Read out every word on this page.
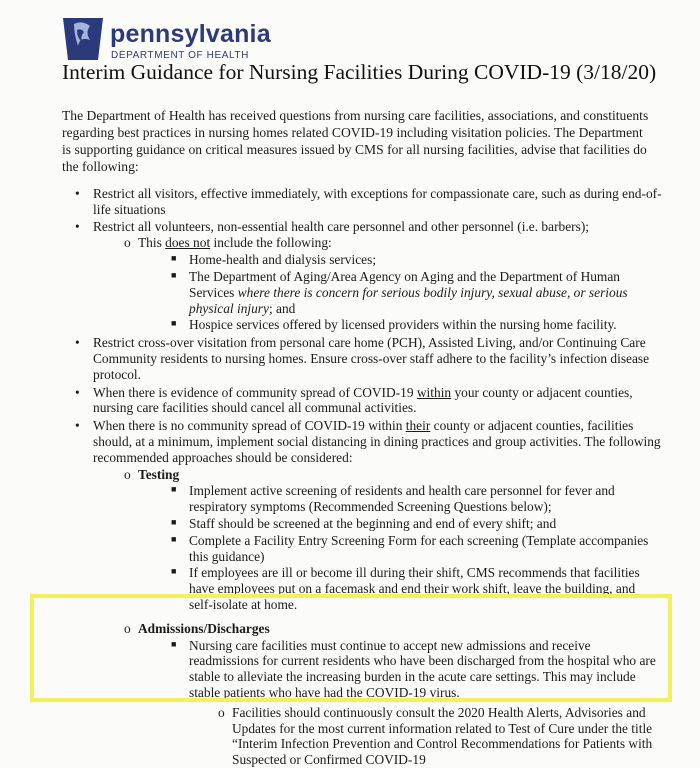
pennsylvania
DEPARTMENT OF HEALTH
Interim Guidance for Nursing Facilities During COVID-19 (3/18/20)
The Department of Health has received questions from nursing care facilities, associations, and constituents regarding best practices in nursing homes related COVID-19 including visitation policies. The Department is supporting guidance on critical measures issued by CMS for all nursing facilities, advise that facilities do the following:
• Restrict all visitors, effective immediately, with exceptions for compassionate care, such as during end-of-life situations
• Restrict all volunteers, non-essential health care personnel and other personnel (i.e. barbers);
o This does not include the following:
■ Home-health and dialysis services;
■ The Department of Aging/Area Agency on Aging and the Department of Human Services where there is concern for serious bodily injury, sexual abuse, or serious physical injury; and
■ Hospice services offered by licensed providers within the nursing home facility.
• Restrict cross-over visitation from personal care home (PCH), Assisted Living, and/or Continuing Care Community residents to nursing homes. Ensure cross-over staff adhere to the facility’s infection disease protocol.
• When there is evidence of community spread of COVID-19 within your county or adjacent counties, nursing care facilities should cancel all communal activities.
• When there is no community spread of COVID-19 within their county or adjacent counties, facilities should, at a minimum, implement social distancing in dining practices and group activities. The following recommended approaches should be considered:
o Testing
■ Implement active screening of residents and health care personnel for fever and respiratory symptoms (Recommended Screening Questions below);
■ Staff should be screened at the beginning and end of every shift; and
■ Complete a Facility Entry Screening Form for each screening (Template accompanies this guidance)
■ If employees are ill or become ill during their shift, CMS recommends that facilities have employees put on a facemask and end their work shift, leave the building, and self-isolate at home.
o Admissions/Discharges
■ Nursing care facilities must continue to accept new admissions and receive readmissions for current residents who have been discharged from the hospital who are stable to alleviate the increasing burden in the acute care settings. This may include stable patients who have had the COVID-19 virus.
o Facilities should continuously consult the 2020 Health Alerts, Advisories and Updates for the most current information related to Test of Cure under the title “Interim Infection Prevention and Control Recommendations for Patients with Suspected or Confirmed COVID-19
